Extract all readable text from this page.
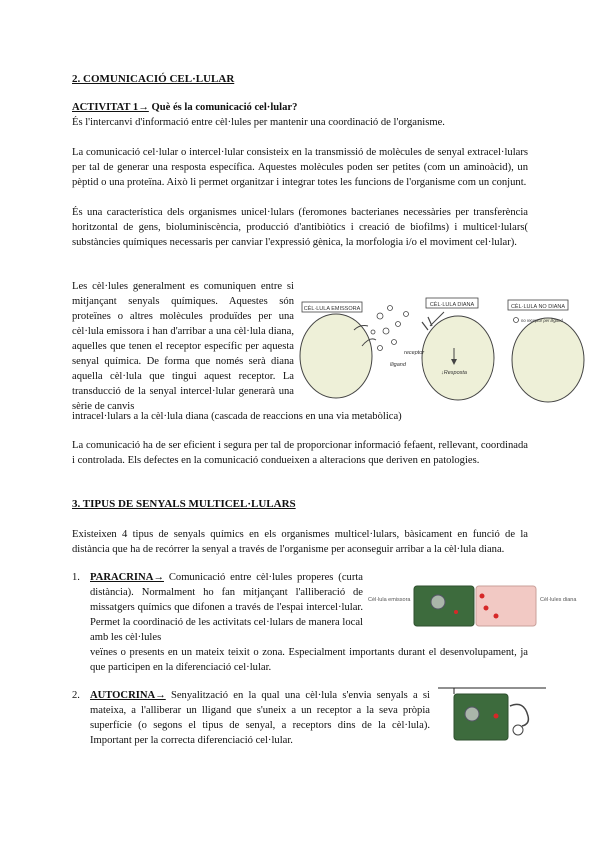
2. COMUNICACIÓ CEL·LULAR
ACTIVITAT 1→ Què és la comunicació cel·lular?

És l'intercanvi d'informació entre cèl·lules per mantenir una coordinació de l'organisme.

La comunicació cel·lular o intercel·lular consisteix en la transmissió de molècules de senyal extracel·lulars per tal de generar una resposta específica. Aquestes molècules poden ser petites (com un aminoàcid), un pèptid o una proteïna. Això li permet organitzar i integrar totes les funcions de l'organisme com un conjunt.

És una característica dels organismes unicel·lulars (feromones bacterianes necessàries per transferència horitzontal de gens, bioluminiscència, producció d'antibiòtics i creació de biofilms) i multicel·lulars( substàncies químiques necessaris per canviar l'expressió gènica, la morfologia i/o el moviment cel·lular).

Les cèl·lules generalment es comuniquen entre si mitjançant senyals químiques. Aquestes són proteïnes o altres molècules produïdes per una cèl·lula emissora i han d'arribar a una cèl·lula diana, aquelles que tenen el receptor específic per aquesta senyal química. De forma que només serà diana aquella cèl·lula que tingui aquest receptor. La transducció de la senyal intercel·lular generarà una sèrie de canvis

intracel·lulars a la cèl·lula diana (cascada de reaccions en una via metabòlica)

La comunicació ha de ser eficient i segura per tal de proporcionar informació fefaent, rellevant, coordinada i controlada. Els defectes en la comunicació condueixen a alteracions que deriven en patologies.

3. TIPUS DE SENYALS MULTICEL·LULARS

Existeixen 4 tipus de senyals químics en els organismes multicel·lulars, bàsicament en funció de la distància que ha de recórrer la senyal a través de l'organisme per aconseguir arribar a la cèl·lula diana.

1. PARACRINA→ Comunicació entre cèl·lules properes (curta distància). Normalment ho fan mitjançant l'alliberació de missatgers químics que difonen a través de l'espai intercel·lular. Permet la coordinació de les activitats cel·lulars de manera local amb les cèl·lules

veïnes o presents en un mateix teixit o zona. Especialment importants durant el desenvolupament, ja que participen en la diferenciació cel·lular.

2. AUTOCRINA→ Senyalització en la qual una cèl·lula s'envia senyals a si mateixa, a l'alliberar un lligand que s'uneix a un receptor a la seva pròpia superfície (o segons el tipus de senyal, a receptors dins de la cèl·lula). Important per la correcta diferenciació cel·lular.

CÈL·LULA EMISSORA
lligand
CÈL·LULA DIANA
↓Resposta
receptor
CÈL·LULA NO DIANA
no receptor per lligand
Cèl·lula emissora	Cèl·lules diana
